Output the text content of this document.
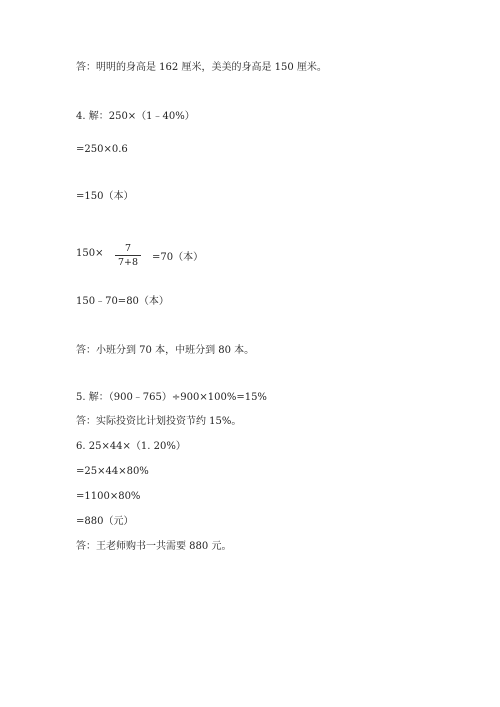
答：明明的身高是 162 厘米，美美的身高是 150 厘米。
4. 解：250×（1﹣40%）
=250×0.6
=150（本）
150×	7
7+8	=70（本）
150﹣70=80（本）
答：小班分到 70 本，中班分到 80 本。
5. 解：（900﹣765）÷900×100%=15%
答：实际投资比计划投资节约 15%。
6. 25×44×（1. 20%）
=25×44×80%
=1100×80%
=880（元）
答：王老师购书一共需要 880 元。
